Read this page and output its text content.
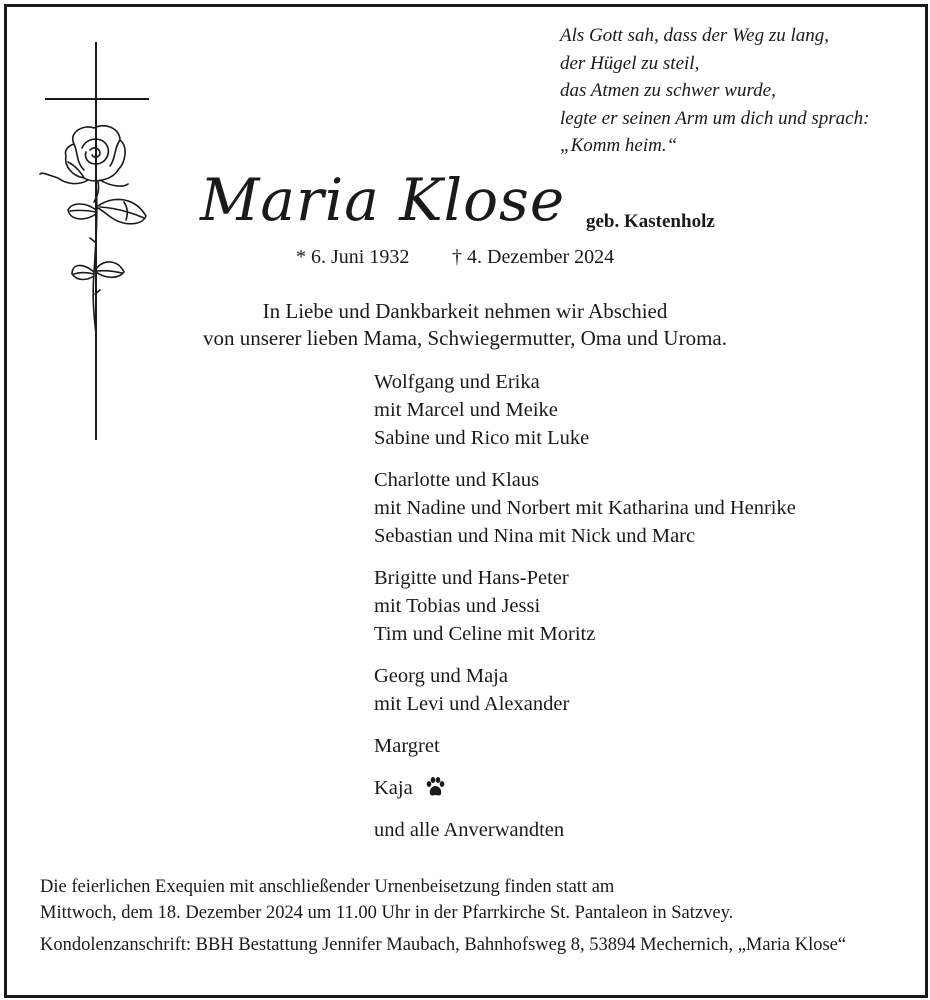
Als Gott sah, dass der Weg zu lang,
der Hügel zu steil,
das Atmen zu schwer wurde,
legte er seinen Arm um dich und sprach:
„Komm heim.“
Maria Klose geb. Kastenholz
* 6. Juni 1932 † 4. Dezember 2024
In Liebe und Dankbarkeit nehmen wir Abschied
von unserer lieben Mama, Schwiegermutter, Oma und Uroma.
Wolfgang und Erika
mit Marcel und Meike
Sabine und Rico mit Luke
Charlotte und Klaus
mit Nadine und Norbert mit Katharina und Henrike
Sebastian und Nina mit Nick und Marc
Brigitte und Hans-Peter
mit Tobias und Jessi
Tim und Celine mit Moritz
Georg und Maja
mit Levi und Alexander
Margret
Kaja
und alle Anverwandten
Die feierlichen Exequien mit anschließender Urnenbeisetzung finden statt am
Mittwoch, dem 18. Dezember 2024 um 11.00 Uhr in der Pfarrkirche St. Pantaleon in Satzvey.
Kondolenzanschrift: BBH Bestattung Jennifer Maubach, Bahnhofsweg 8, 53894 Mechernich, „Maria Klose“
